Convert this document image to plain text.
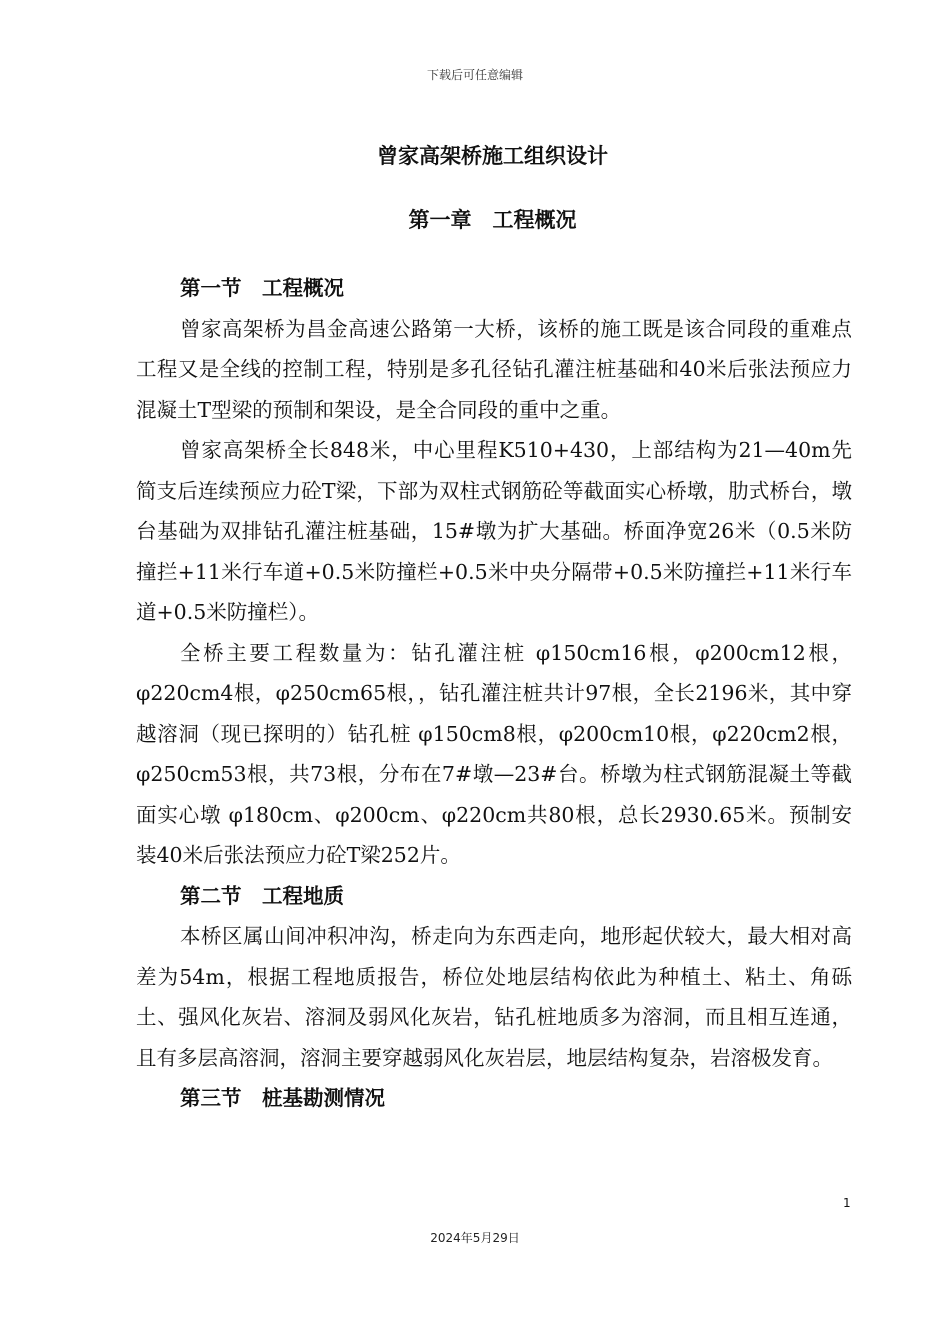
下载后可任意编辑
曾家高架桥施工组织设计
第一章　工程概况

第一节　工程概况

曾家高架桥为昌金高速公路第一大桥，该桥的施工既是该合同段的重难点工程又是全线的控制工程，特别是多孔径钻孔灌注桩基础和40米后张法预应力混凝土T型梁的预制和架设，是全合同段的重中之重。

曾家高架桥全长848米，中心里程K510+430，上部结构为21—40m先简支后连续预应力砼T梁，下部为双柱式钢筋砼等截面实心桥墩，肋式桥台，墩台基础为双排钻孔灌注桩基础，15#墩为扩大基础。桥面净宽26米（0.5米防撞拦+11米行车道+0.5米防撞栏+0.5米中央分隔带+0.5米防撞拦+11米行车道+0.5米防撞栏）。

全桥主要工程数量为：钻孔灌注桩 φ150cm16根，φ200cm12根，φ220cm4根，φ250cm65根，，钻孔灌注桩共计97根，全长2196米，其中穿越溶洞（现已探明的）钻孔桩 φ150cm8根，φ200cm10根，φ220cm2根，φ250cm53根，共73根，分布在7#墩—23#台。桥墩为柱式钢筋混凝土等截面实心墩 φ180cm、φ200cm、φ220cm共80根，总长2930.65米。预制安装40米后张法预应力砼T梁252片。

第二节　工程地质

本桥区属山间冲积冲沟，桥走向为东西走向，地形起伏较大，最大相对高差为54m，根据工程地质报告，桥位处地层结构依此为种植土、粘土、角砾土、强风化灰岩、溶洞及弱风化灰岩，钻孔桩地质多为溶洞，而且相互连通，且有多层高溶洞，溶洞主要穿越弱风化灰岩层，地层结构复杂，岩溶极发育。

第三节　桩基勘测情况

1
2024年5月29日
